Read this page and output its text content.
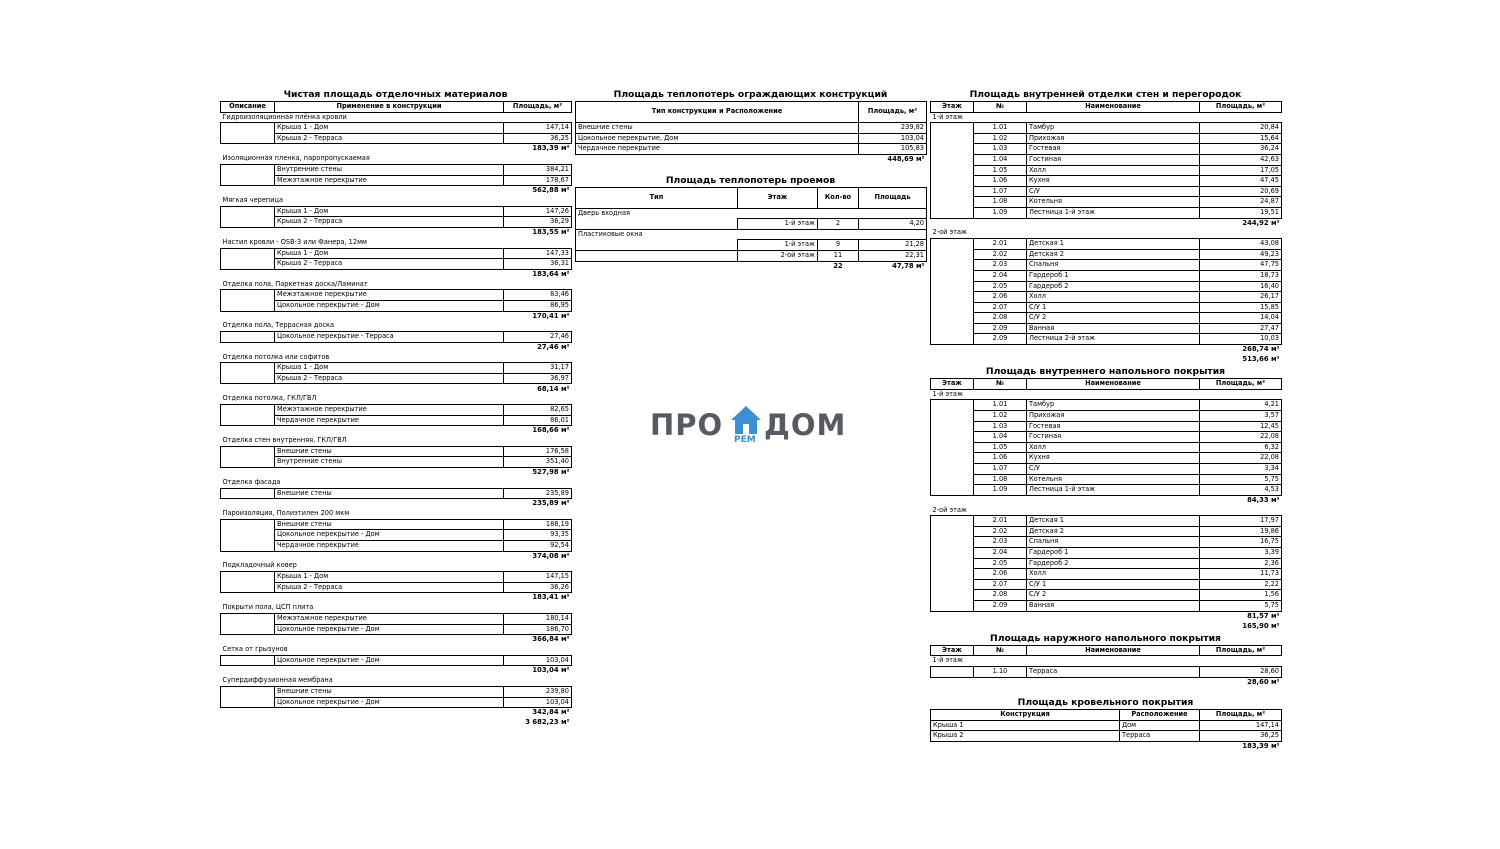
Чистая площадь отделочных материалов
Описание	Применение в конструкции	Площадь, м²
Гидроизоляционная плёнка кровли		
	Крыша 1 - Дом	147,14
	Крыша 2 - Терраса	36,25
		183,39 м²
Изоляционная пленка, паропропускаемая		
	Внутренние стены	384,21
	Межэтажное перекрытие	178,67
		562,88 м²
Мягкая черепица		
	Крыша 1 - Дом	147,26
	Крыша 2 - Терраса	36,29
		183,55 м²
Настил кровли - OSB-3 или Фанера, 12мм		
	Крыша 1 - Дом	147,33
	Крыша 2 - Терраса	36,31
		183,64 м²
Отделка пола, Паркетная доска/Ламинат		
	Межэтажное перекрытие	83,46
	Цокольное перекрытие - Дом	86,95
		170,41 м²
Отделка пола, Террасная доска		
	Цокольное перекрытие - Терраса	27,46
		27,46 м²
Отделка потолка или софитов		
	Крыша 1 - Дом	31,17
	Крыша 2 - Терраса	36,97
		68,14 м²
Отделка потолка, ГКЛ/ГВЛ		
	Межэтажное перекрытие	82,65
	Чердачное перекрытие	86,01
		168,66 м²
Отделка стен внутренняя, ГКЛ/ГВЛ		
	Внешние стены	176,58
	Внутренние стены	351,40
		527,98 м²
Отделка фасада		
	Внешние стены	235,89
		235,89 м²
Пароизоляция, Полиэтилен 200 мкм		
	Внешние стены	188,19
	Цокольное перекрытие - Дом	93,35
	Чердачное перекрытие	92,54
		374,08 м²
Подкладочный ковер		
	Крыша 1 - Дом	147,15
	Крыша 2 - Терраса	36,26
		183,41 м²
Покрыти пола, ЦСП плита		
	Межэтажное перекрытие	180,14
	Цокольное перекрытие - Дом	186,70
		366,84 м²
Сетка от грызунов		
	Цокольное перекрытие - Дом	103,04
		103,04 м²
Супердиффузионная мембрана		
	Внешние стены	239,80
	Цокольное перекрытие - Дом	103,04
		342,84 м²
		3 682,23 м²
Площадь теплопотерь ограждающих конструкций
Тип конструкции и Расположение	Площадь, м²
Внешние стены	239,82
Цокольное перекрытие, Дом	103,04
Чердачное перекрытие	105,83
	448,69 м²
Площадь теплопотерь проемов
Тип	Этаж	Кол-во	Площадь
Дверь входная			
	1-й этаж	2	4,20
Пластиковые окна			
	1-й этаж	9	21,28
	2-ой этаж	11	22,31
		22	47,78 м²
Площадь внутренней отделки стен и перегородок
Этаж	№	Наименование	Площадь, м²
1-й этаж			
	1.01	Тамбур	20,84
	1.02	Прихожая	15,64
	1.03	Гостевая	36,24
	1.04	Гостиная	42,63
	1.05	Холл	17,05
	1.06	Кухня	47,45
	1.07	С/У	20,69
	1.08	Котельня	24,87
	1.09	Лестница 1-й этаж	19,51
			244,92 м²
2-ой этаж			
	2.01	Детская 1	43,08
	2.02	Детская 2	49,23
	2.03	Спальня	47,75
	2.04	Гардероб 1	18,73
	2.05	Гардероб 2	16,40
	2.06	Холл	26,17
	2.07	С/У 1	15,85
	2.08	С/У 2	14,04
	2.09	Ванная	27,47
	2.09	Лестница 2-й этаж	10,03
			268,74 м²
			513,66 м²
Площадь внутреннего напольного покрытия
Этаж	№	Наименование	Площадь, м²
1-й этаж			
	1.01	Тамбур	4,21
	1.02	Прихожая	3,57
	1.03	Гостевая	12,45
	1.04	Гостиная	22,08
	1.05	Холл	6,32
	1.06	Кухня	22,08
	1.07	С/У	3,34
	1.08	Котельня	5,75
	1.09	Лестница 1-й этаж	4,53
			84,33 м²
2-ой этаж			
	2.01	Детская 1	17,97
	2.02	Детская 2	19,86
	2.03	Спальня	16,75
	2.04	Гардероб 1	3,39
	2.05	Гардероб 2	2,36
	2.06	Холл	11,73
	2.07	С/У 1	2,22
	2.08	С/У 2	1,56
	2.09	Ванная	5,75
			81,57 м²
			165,90 м²
Площадь наружного напольного покрытия
Этаж	№	Наименование	Площадь, м²
1-й этаж			
	1.10	Терраса	28,60
			28,60 м²
Площадь кровельного покрытия
Конструкция	Расположение	Площадь, м²
Крыша 1	Дом	147,14
Крыша 2	Терраса	36,25
		183,39 м²
ПРО РЕМ ДОМ
